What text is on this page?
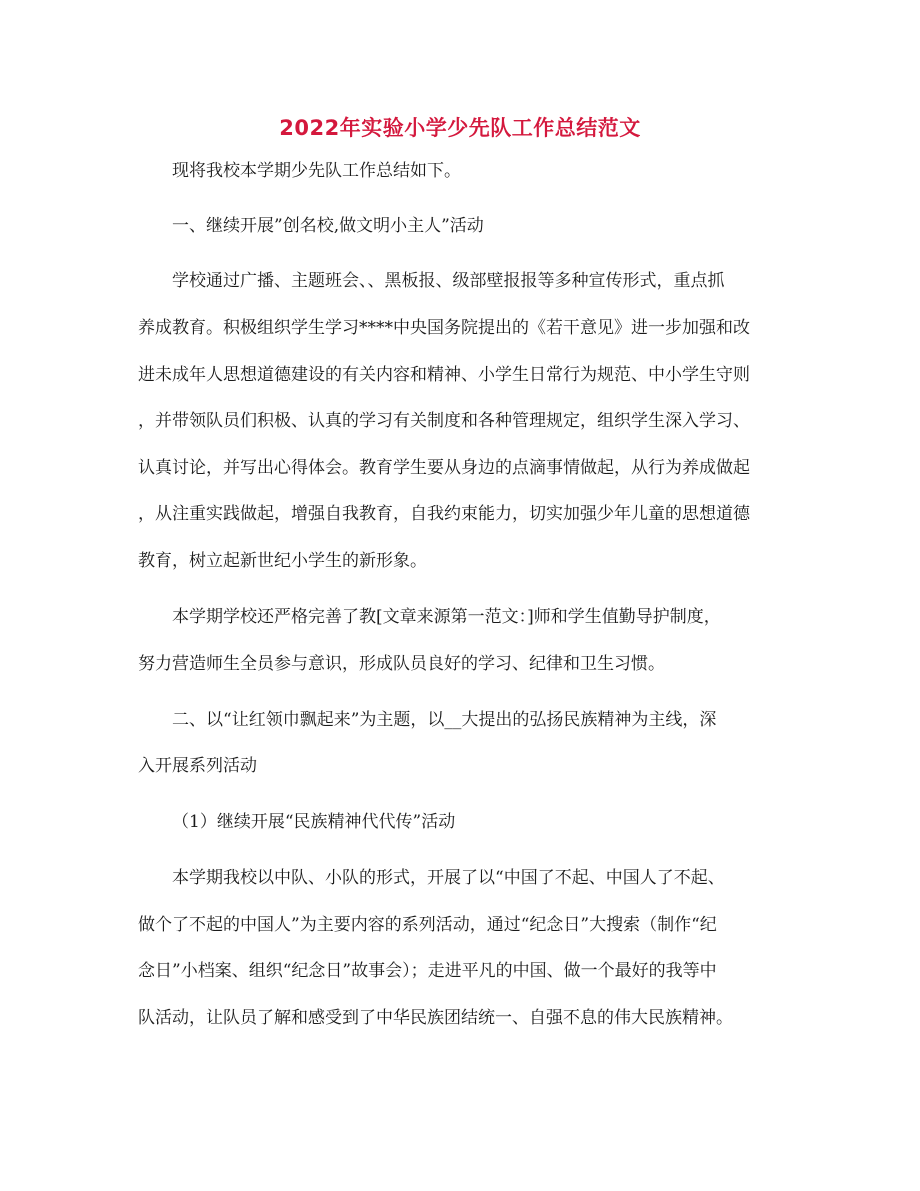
2022年实验小学少先队工作总结范文
现将我校本学期少先队工作总结如下。
一、继续开展”创名校,做文明小主人”活动
学校通过广播、主题班会、、黑板报、级部壁报报等多种宣传形式，重点抓
养成教育。积极组织学生学习****中央国务院提出的《若干意见》进一步加强和改
进未成年人思想道德建设的有关内容和精神、小学生日常行为规范、中小学生守则
，并带领队员们积极、认真的学习有关制度和各种管理规定，组织学生深入学习、
认真讨论，并写出心得体会。教育学生要从身边的点滴事情做起，从行为养成做起
，从注重实践做起，增强自我教育，自我约束能力，切实加强少年儿童的思想道德
教育，树立起新世纪小学生的新形象。
本学期学校还严格完善了教[文章来源第一范文：]师和学生值勤导护制度，
努力营造师生全员参与意识，形成队员良好的学习、纪律和卫生习惯。
二、以“让红领巾飘起来”为主题，以__大提出的弘扬民族精神为主线，深
入开展系列活动
（1）继续开展“民族精神代代传”活动
本学期我校以中队、小队的形式，开展了以“中国了不起、中国人了不起、
做个了不起的中国人”为主要内容的系列活动，通过“纪念日”大搜索（制作“纪
念日”小档案、组织“纪念日”故事会）；走进平凡的中国、做一个最好的我等中
队活动，让队员了解和感受到了中华民族团结统一、自强不息的伟大民族精神。
